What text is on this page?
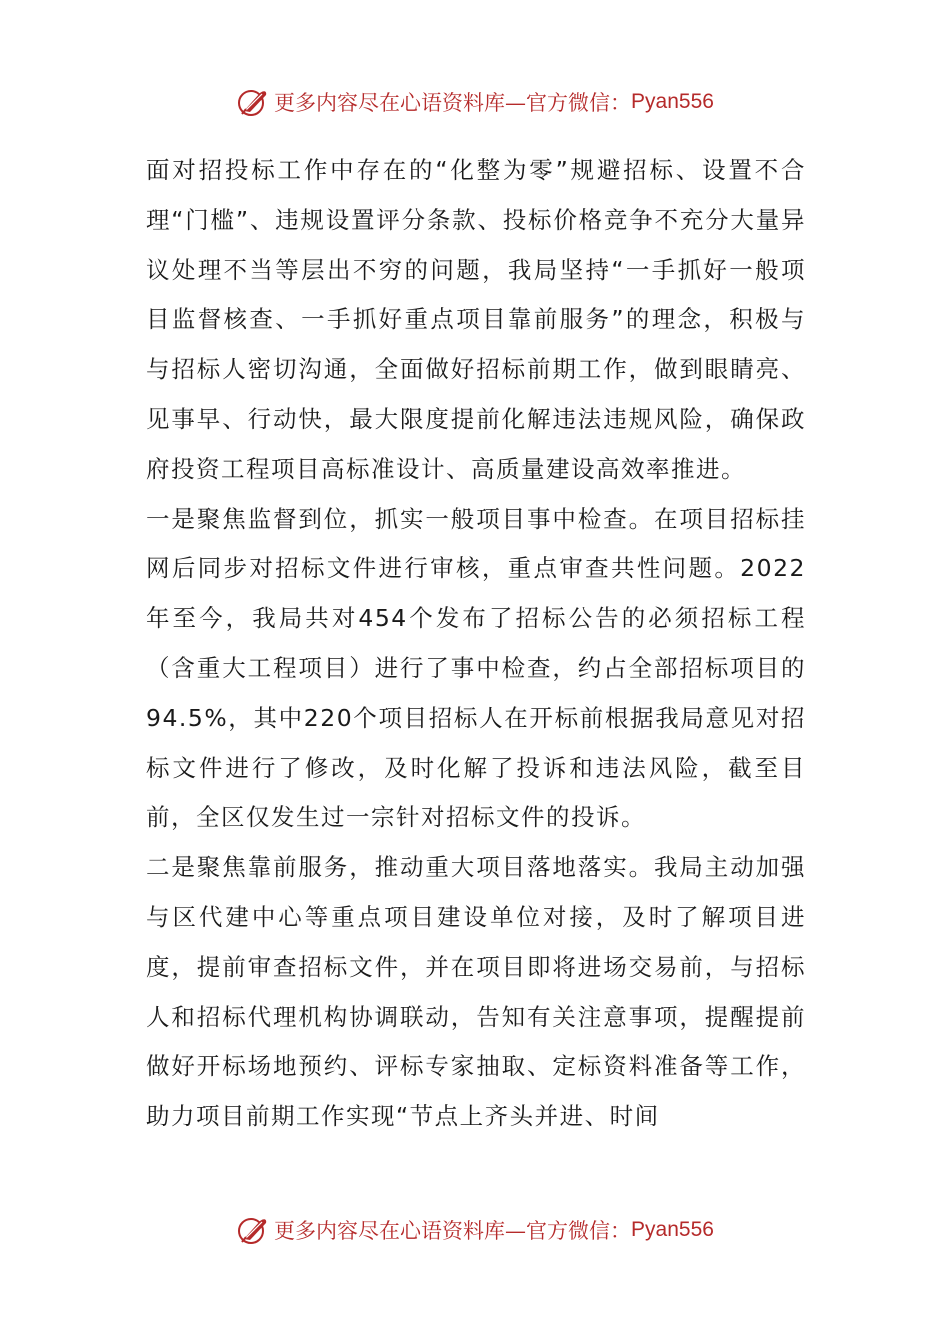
更多内容尽在心语资料库—官方微信： Pyan556

面对招投标工作中存在的“化整为零”规避招标、设置不合理“门槛”、违规设置评分条款、投标价格竞争不充分大量异议处理不当等层出不穷的问题，我局坚持“一手抓好一般项目监督核查、一手抓好重点项目靠前服务”的理念，积极与与招标人密切沟通，全面做好招标前期工作，做到眼睛亮、见事早、行动快，最大限度提前化解违法违规风险，确保政府投资工程项目高标准设计、高质量建设高效率推进。

一是聚焦监督到位，抓实一般项目事中检查。在项目招标挂网后同步对招标文件进行审核，重点审查共性问题。2022年至今，我局共对454个发布了招标公告的必须招标工程（含重大工程项目）进行了事中检查，约占全部招标项目的94.5%，其中220个项目招标人在开标前根据我局意见对招标文件进行了修改，及时化解了投诉和违法风险，截至目前，全区仅发生过一宗针对招标文件的投诉。

二是聚焦靠前服务，推动重大项目落地落实。我局主动加强与区代建中心等重点项目建设单位对接，及时了解项目进度，提前审查招标文件，并在项目即将进场交易前，与招标人和招标代理机构协调联动，告知有关注意事项，提醒提前做好开标场地预约、评标专家抽取、定标资料准备等工作，助力项目前期工作实现“节点上齐头并进、时间

更多内容尽在心语资料库—官方微信： Pyan556
